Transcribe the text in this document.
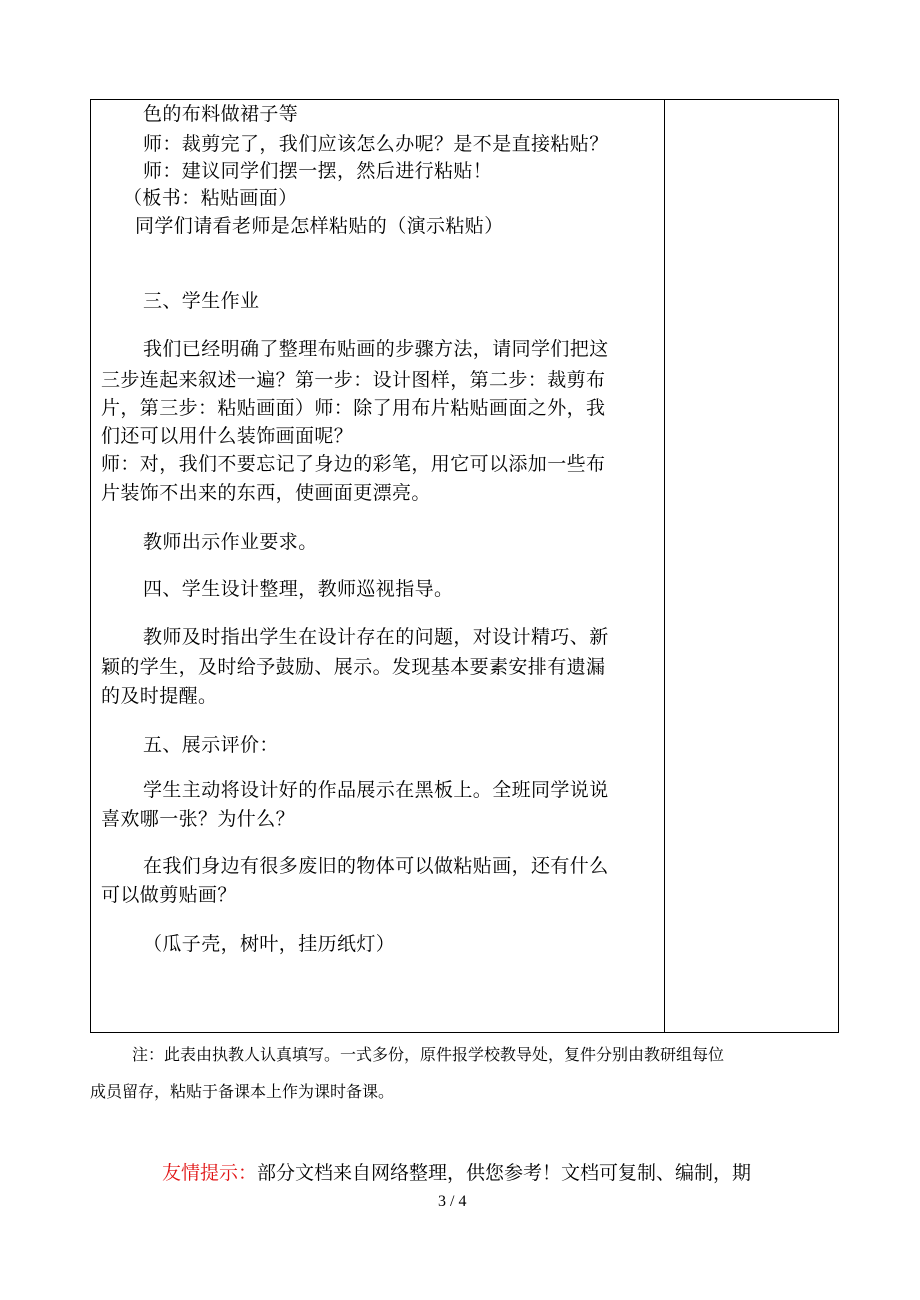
色的布料做裙子等
师：裁剪完了，我们应该怎么办呢？是不是直接粘贴？
师：建议同学们摆一摆，然后进行粘贴！
（板书：粘贴画面）
同学们请看老师是怎样粘贴的（演示粘贴）
三、学生作业
我们已经明确了整理布贴画的步骤方法，请同学们把这
三步连起来叙述一遍？第一步：设计图样，第二步：裁剪布
片，第三步：粘贴画面）师：除了用布片粘贴画面之外，我
们还可以用什么装饰画面呢？
师：对，我们不要忘记了身边的彩笔，用它可以添加一些布
片装饰不出来的东西，使画面更漂亮。
教师出示作业要求。
四、学生设计整理，教师巡视指导。
教师及时指出学生在设计存在的问题，对设计精巧、新
颖的学生，及时给予鼓励、展示。发现基本要素安排有遗漏
的及时提醒。
五、展示评价：
学生主动将设计好的作品展示在黑板上。全班同学说说
喜欢哪一张？为什么？
在我们身边有很多废旧的物体可以做粘贴画，还有什么
可以做剪贴画？
（瓜子壳，树叶，挂历纸灯）
注：此表由执教人认真填写。一式多份，原件报学校教导处，复件分别由教研组每位
成员留存，粘贴于备课本上作为课时备课。
友情提示：部分文档来自网络整理，供您参考！文档可复制、编制，期
3 / 4
